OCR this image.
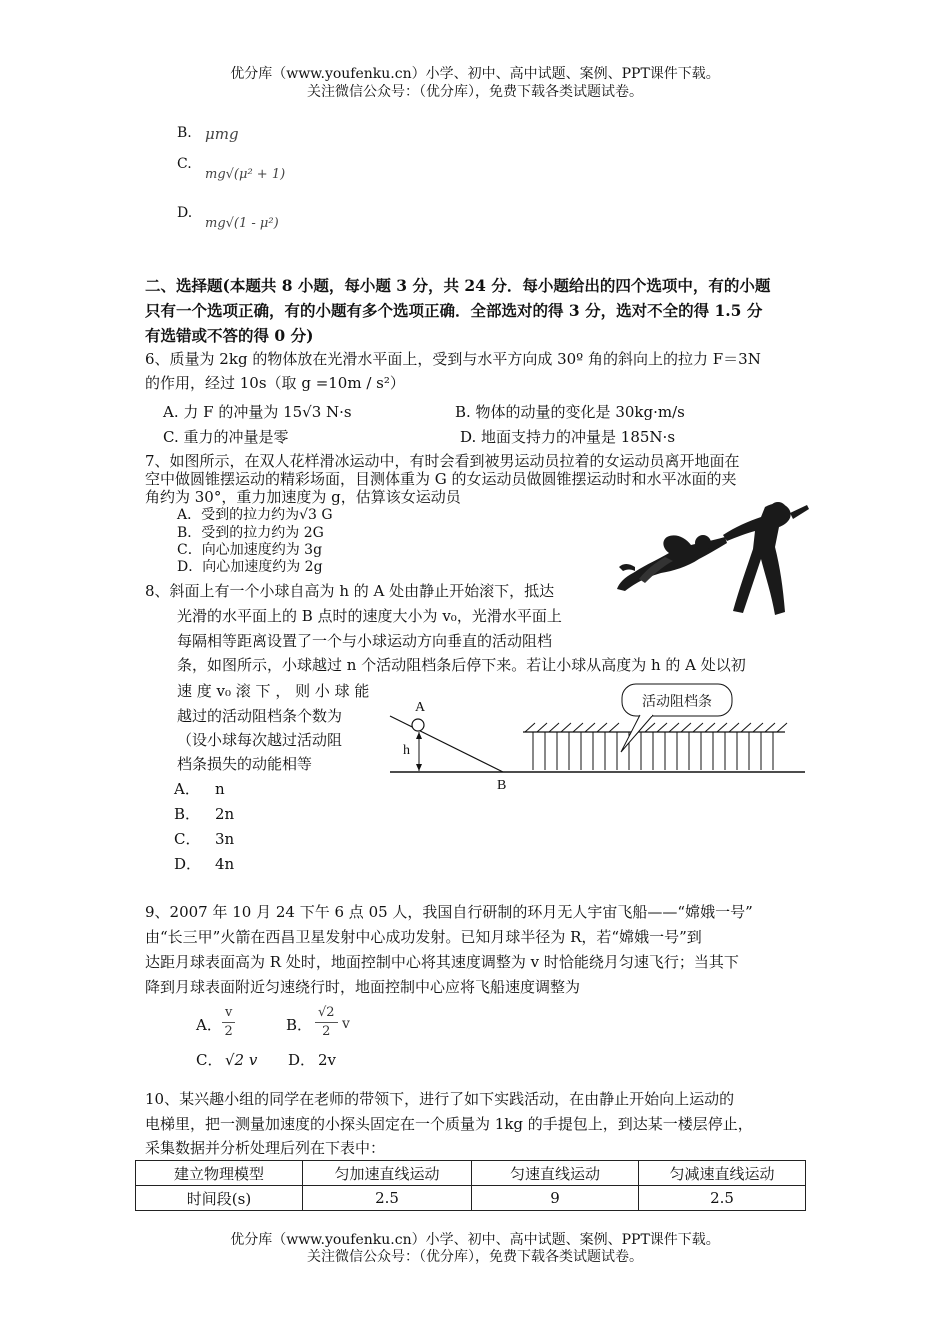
优分库（www.youfenku.cn）小学、初中、高中试题、案例、PPT课件下载。
关注微信公众号：（优分库），免费下载各类试题试卷。
B. μmg
C.
mg√(μ² + 1)
D.
mg√(1 - μ²)
二、选择题(本题共 8 小题，每小题 3 分，共 24 分．每小题给出的四个选项中，有的小题
只有一个选项正确，有的小题有多个选项正确．全部选对的得 3 分，选对不全的得 1.5 分
有选错或不答的得 0 分)
6、质量为 2kg 的物体放在光滑水平面上，受到与水平方向成 30º 角的斜向上的拉力 F＝3N
的作用，经过 10s（取 g =10m / s²）
A. 力 F 的冲量为 15√3 N·s	B. 物体的动量的变化是 30kg·m/s
C. 重力的冲量是零	D. 地面支持力的冲量是 185N·s
7、如图所示，在双人花样滑冰运动中，有时会看到被男运动员拉着的女运动员离开地面在
空中做圆锥摆运动的精彩场面，目测体重为 G 的女运动员做圆锥摆运动时和水平冰面的夹
角约为 30°，重力加速度为 g，估算该女运动员
A．受到的拉力约为√3 G
B．受到的拉力约为 2G
C．向心加速度约为 3g
D．向心加速度约为 2g
8、斜面上有一个小球自高为 h 的 A 处由静止开始滚下，抵达
光滑的水平面上的 B 点时的速度大小为 v₀，光滑水平面上
每隔相等距离设置了一个与小球运动方向垂直的活动阻档
条，如图所示，小球越过 n 个活动阻档条后停下来。若让小球从高度为 h 的 A 处以初
速 度 v₀ 滚 下 ， 则 小 球 能
越过的活动阻档条个数为
（设小球每次越过活动阻
档条损失的动能相等
A． n
B． 2n
C． 3n
D． 4n
活动阻档条
A
h
B
9、2007 年 10 月 24 下午 6 点 05 人，我国自行研制的环月无人宇宙飞船——“嫦娥一号”
由“长三甲”火箭在西昌卫星发射中心成功发射。已知月球半径为 R，若“嫦娥一号”到
达距月球表面高为 R 处时，地面控制中心将其速度调整为 v 时恰能绕月匀速飞行；当其下
降到月球表面附近匀速绕行时，地面控制中心应将飞船速度调整为
A． $\frac{v}{2}$	B． $\frac{√2}{2}$ v
C． √2 v D． 2v
10、某兴趣小组的同学在老师的带领下，进行了如下实践活动，在由静止开始向上运动的
电梯里，把一测量加速度的小探头固定在一个质量为 1kg 的手提包上，到达某一楼层停止，
采集数据并分析处理后列在下表中：
建立物理模型	匀加速直线运动	匀速直线运动	匀减速直线运动
时间段(s)	2.5	9	2.5
优分库（www.youfenku.cn）小学、初中、高中试题、案例、PPT课件下载。
关注微信公众号：（优分库），免费下载各类试题试卷。
